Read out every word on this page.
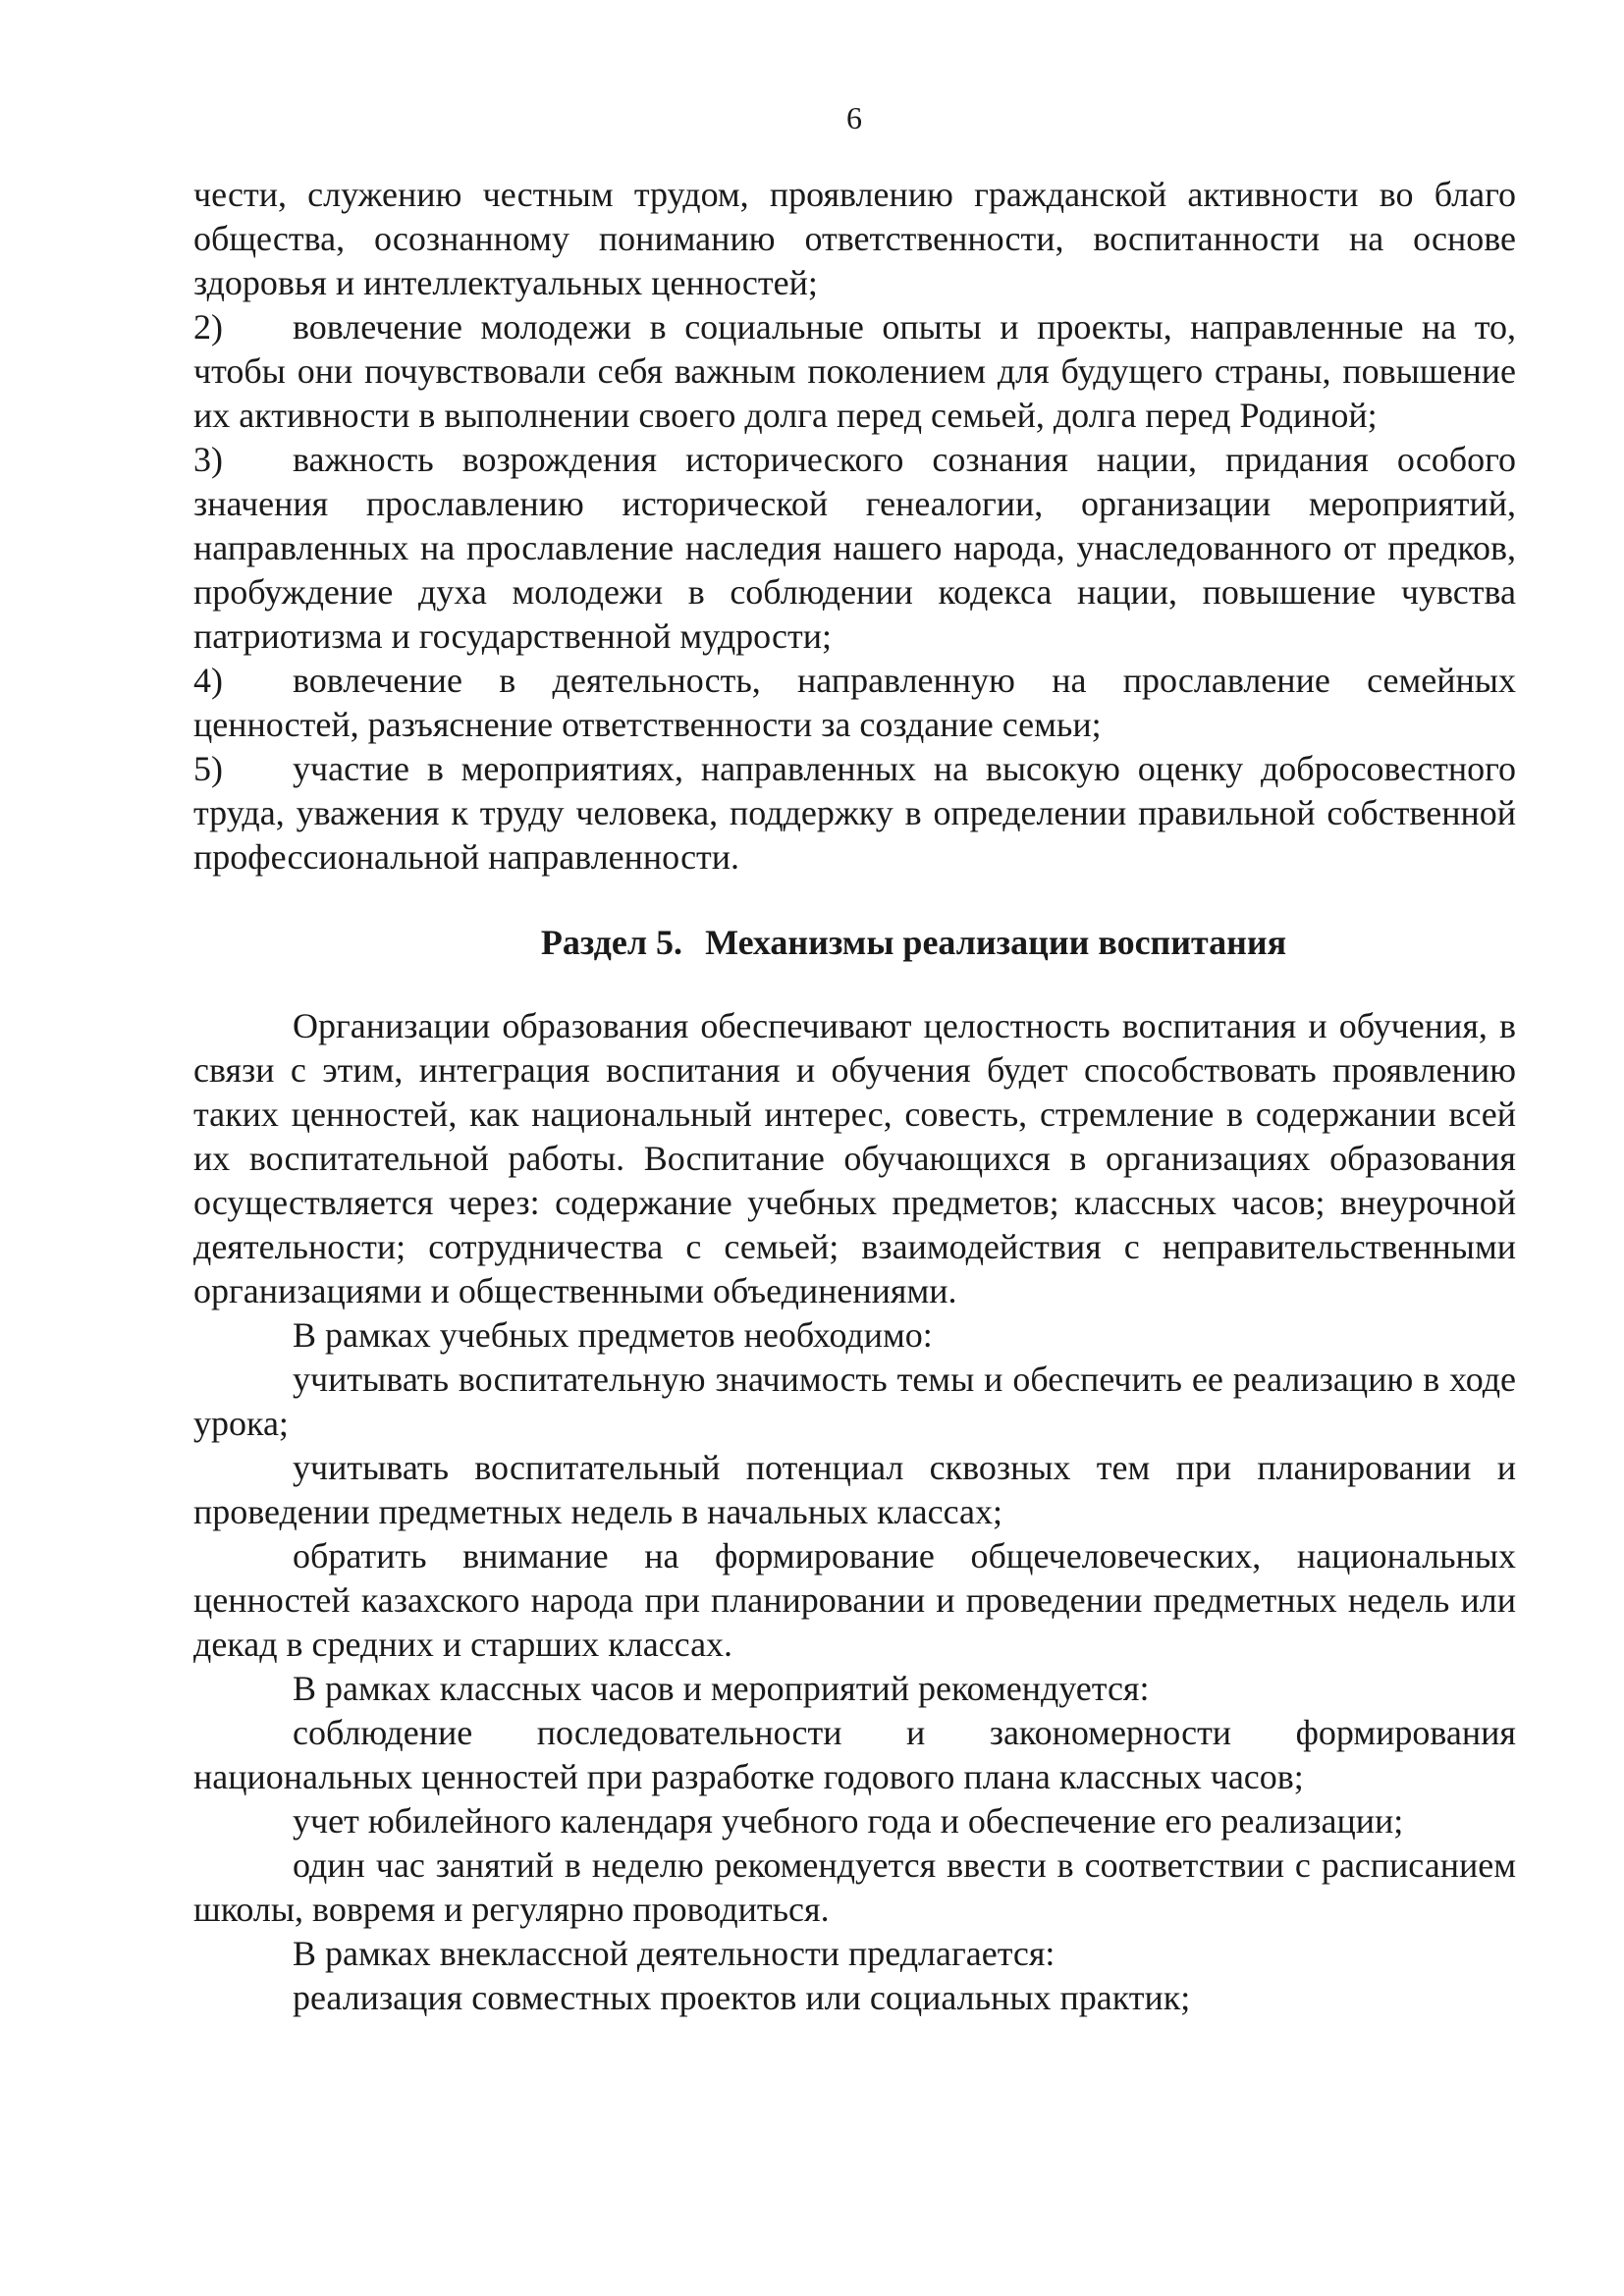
6

чести, служению честным трудом, проявлению гражданской активности во благо общества, осознанному пониманию ответственности, воспитанности на основе здоровья и интеллектуальных ценностей;

2) вовлечение молодежи в социальные опыты и проекты, направленные на то, чтобы они почувствовали себя важным поколением для будущего страны, повышение их активности в выполнении своего долга перед семьей, долга перед Родиной;

3) важность возрождения исторического сознания нации, придания особого значения прославлению исторической генеалогии, организации мероприятий, направленных на прославление наследия нашего народа, унаследованного от предков, пробуждение духа молодежи в соблюдении кодекса нации, повышение чувства патриотизма и государственной мудрости;

4) вовлечение в деятельность, направленную на прославление семейных ценностей, разъяснение ответственности за создание семьи;

5) участие в мероприятиях, направленных на высокую оценку добросовестного труда, уважения к труду человека, поддержку в определении правильной собственной профессиональной направленности.

Раздел 5. Механизмы реализации воспитания

Организации образования обеспечивают целостность воспитания и обучения, в связи с этим, интеграция воспитания и обучения будет способствовать проявлению таких ценностей, как национальный интерес, совесть, стремление в содержании всей их воспитательной работы. Воспитание обучающихся в организациях образования осуществляется через: содержание учебных предметов; классных часов; внеурочной деятельности; сотрудничества с семьей; взаимодействия с неправительственными организациями и общественными объединениями.

В рамках учебных предметов необходимо:

учитывать воспитательную значимость темы и обеспечить ее реализацию в ходе урока;

учитывать воспитательный потенциал сквозных тем при планировании и проведении предметных недель в начальных классах;

обратить внимание на формирование общечеловеческих, национальных ценностей казахского народа при планировании и проведении предметных недель или декад в средних и старших классах.

В рамках классных часов и мероприятий рекомендуется:

соблюдение последовательности и закономерности формирования национальных ценностей при разработке годового плана классных часов;

учет юбилейного календаря учебного года и обеспечение его реализации;

один час занятий в неделю рекомендуется ввести в соответствии с расписанием школы, вовремя и регулярно проводиться.

В рамках внеклассной деятельности предлагается:

реализация совместных проектов или социальных практик;
